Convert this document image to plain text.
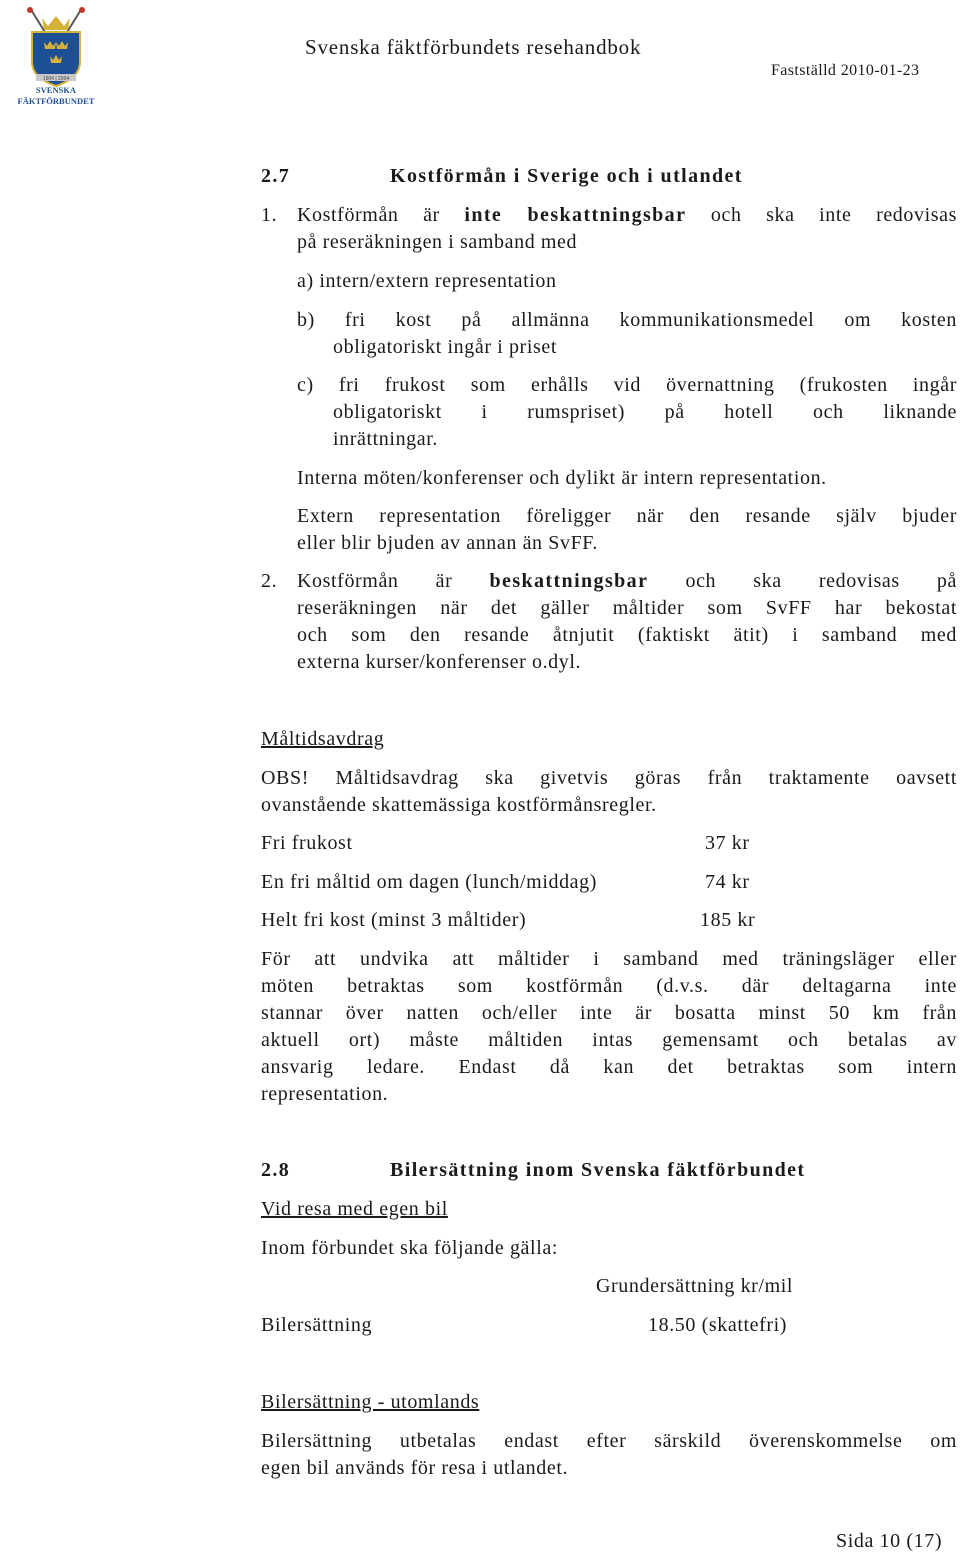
1904 | 2004
SVENSKA
FÄKTFÖRBUNDET
Svenska fäktförbundets resehandbok
Fastställd 2010-01-23
2.7	Kostförmån i Sverige och i utlandet
1. Kostförmån är inte beskattningsbar och ska inte redovisas
på reseräkningen i samband med
a) intern/extern representation
b) fri kost på allmänna kommunikationsmedel om kosten
obligatoriskt ingår i priset
c) fri frukost som erhålls vid övernattning (frukosten ingår
obligatoriskt i rumspriset) på hotell och liknande
inrättningar.
Interna möten/konferenser och dylikt är intern representation.
Extern representation föreligger när den resande själv bjuder
eller blir bjuden av annan än SvFF.
2. Kostförmån är beskattningsbar och ska redovisas på
reseräkningen när det gäller måltider som SvFF har bekostat
och som den resande åtnjutit (faktiskt ätit) i samband med
externa kurser/konferenser o.dyl.
Måltidsavdrag
OBS! Måltidsavdrag ska givetvis göras från traktamente oavsett
ovanstående skattemässiga kostförmånsregler.
Fri frukost	37 kr
En fri måltid om dagen (lunch/middag)	74 kr
Helt fri kost (minst 3 måltider)	185 kr
För att undvika att måltider i samband med träningsläger eller
möten betraktas som kostförmån (d.v.s. där deltagarna inte
stannar över natten och/eller inte är bosatta minst 50 km från
aktuell ort) måste måltiden intas gemensamt och betalas av
ansvarig ledare. Endast då kan det betraktas som intern
representation.
2.8	Bilersättning inom Svenska fäktförbundet
Vid resa med egen bil
Inom förbundet ska följande gälla:
Grundersättning kr/mil
Bilersättning	18.50 (skattefri)
Bilersättning - utomlands
Bilersättning utbetalas endast efter särskild överenskommelse om
egen bil används för resa i utlandet.
Sida 10 (17)
